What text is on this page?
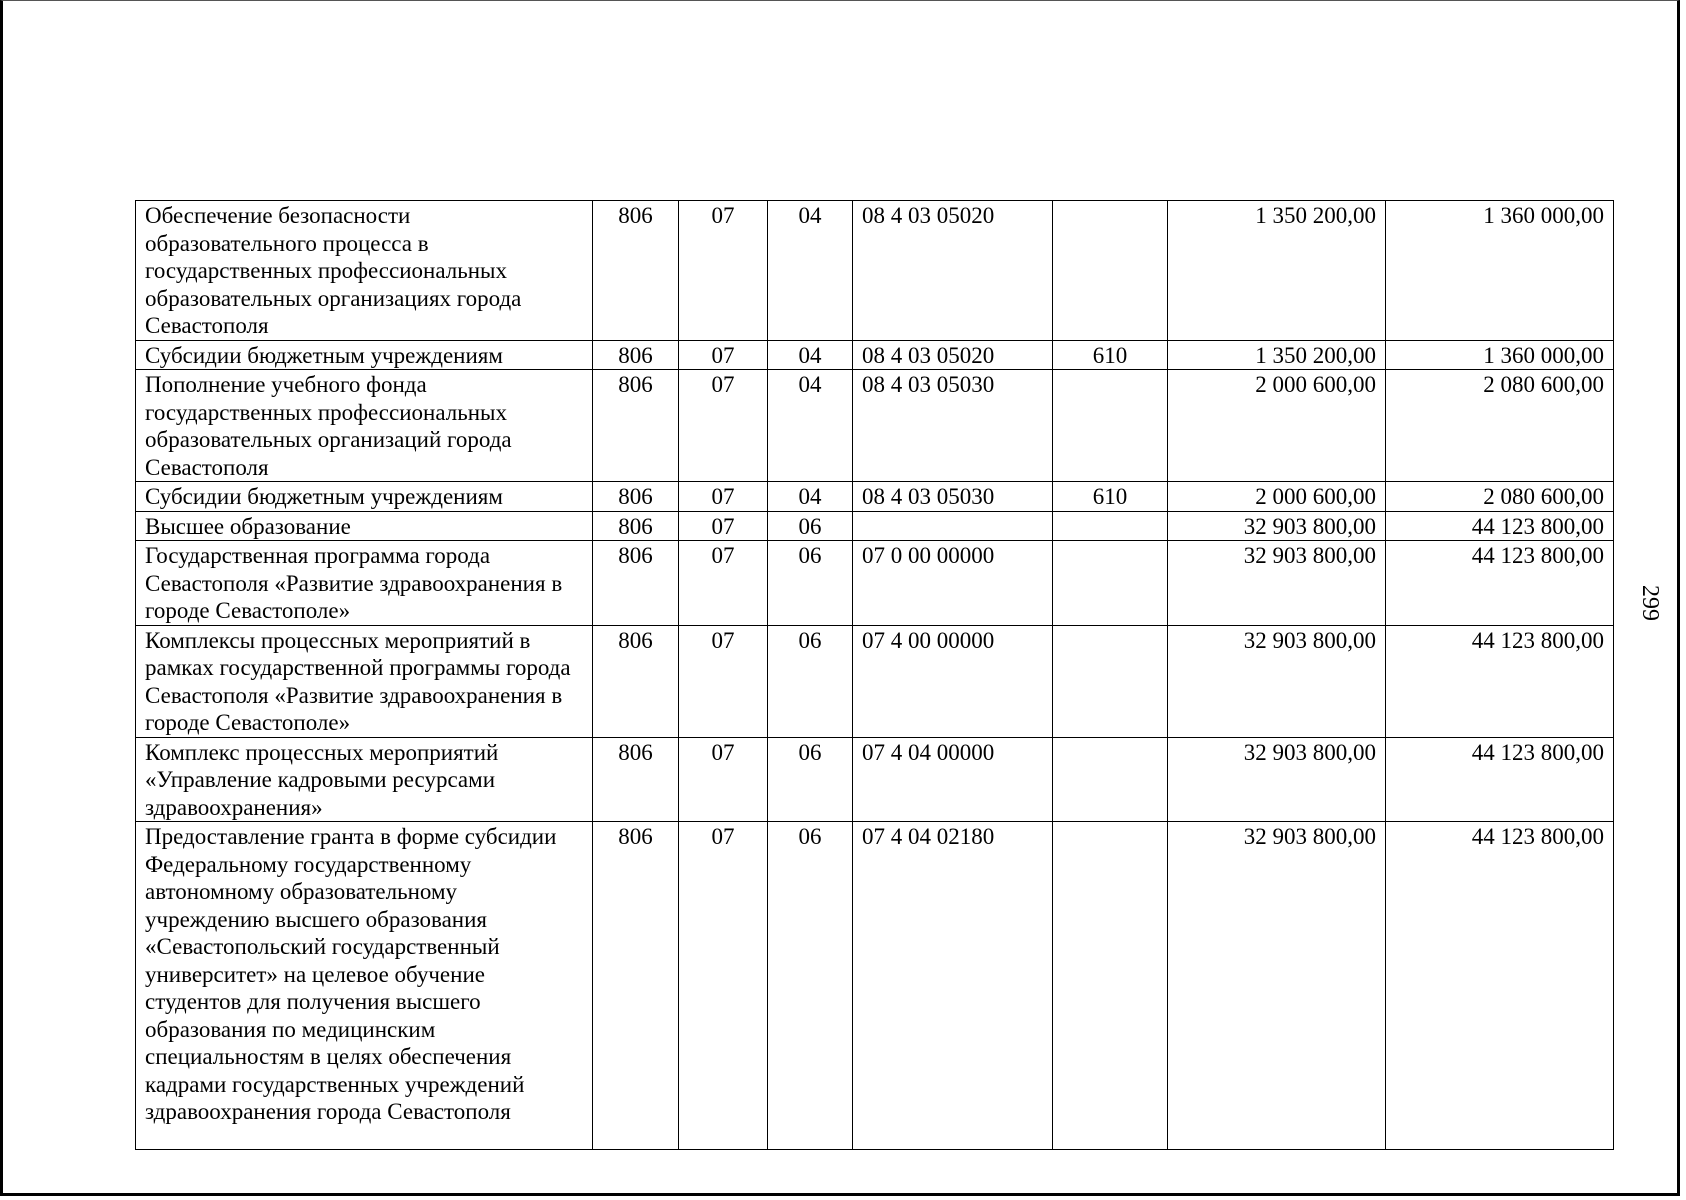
299
Обеспечение безопасности образовательного процесса в государственных профессиональных образовательных организациях города Севастополя	806	07	04	08 4 03 05020		1 350 200,00	1 360 000,00
Субсидии бюджетным учреждениям	806	07	04	08 4 03 05020	610	1 350 200,00	1 360 000,00
Пополнение учебного фонда государственных профессиональных образовательных организаций города Севастополя	806	07	04	08 4 03 05030		2 000 600,00	2 080 600,00
Субсидии бюджетным учреждениям	806	07	04	08 4 03 05030	610	2 000 600,00	2 080 600,00
Высшее образование	806	07	06			32 903 800,00	44 123 800,00
Государственная программа города Севастополя «Развитие здравоохранения в городе Севастополе»	806	07	06	07 0 00 00000		32 903 800,00	44 123 800,00
Комплексы процессных мероприятий в рамках государственной программы города Севастополя «Развитие здравоохранения в городе Севастополе»	806	07	06	07 4 00 00000		32 903 800,00	44 123 800,00
Комплекс процессных мероприятий «Управление кадровыми ресурсами здравоохранения»	806	07	06	07 4 04 00000		32 903 800,00	44 123 800,00
Предоставление гранта в форме субсидии Федеральному государственному автономному образовательному учреждению высшего образования «Севастопольский государственный университет» на целевое обучение студентов для получения высшего образования по медицинским специальностям в целях обеспечения кадрами государственных учреждений здравоохранения города Севастополя	806	07	06	07 4 04 02180		32 903 800,00	44 123 800,00
